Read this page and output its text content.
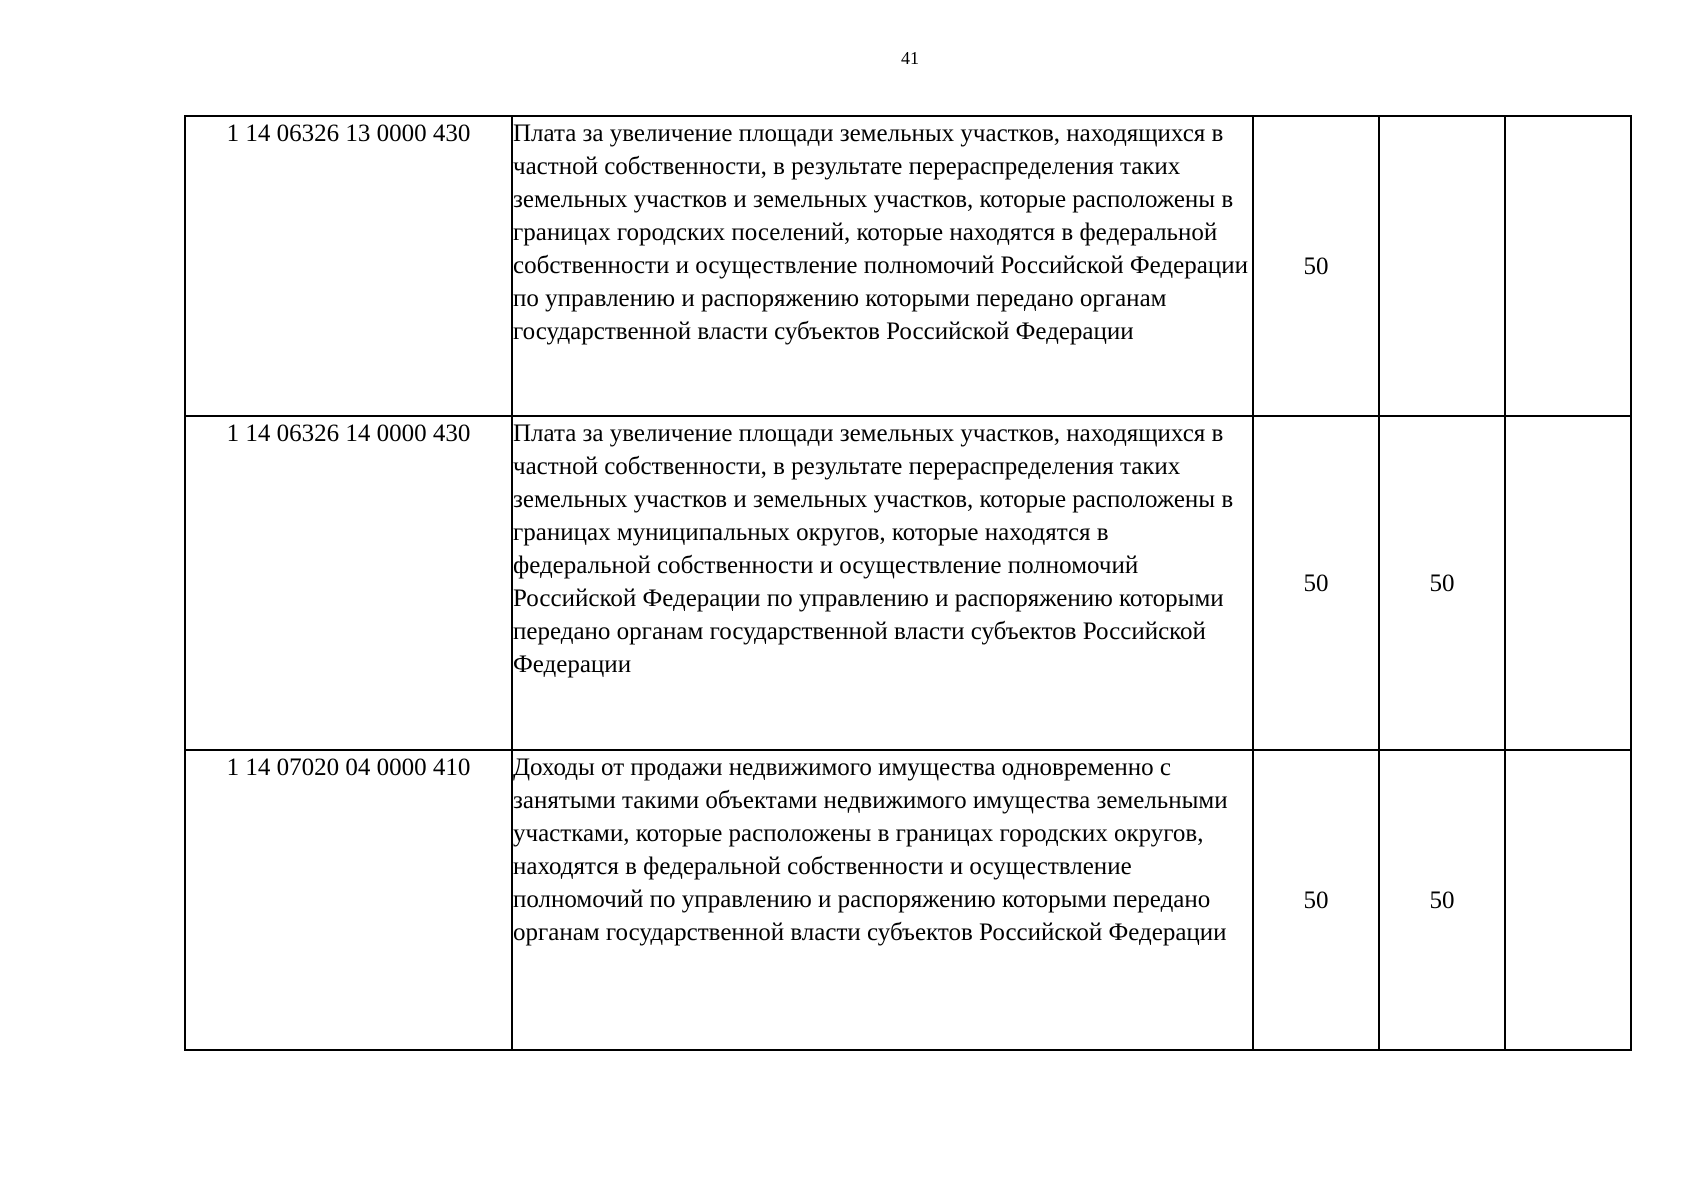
41
1 14 06326 13 0000 430	Плата за увеличение площади земельных участков, находящихся в частной собственности, в результате перераспределения таких земельных участков и земельных участков, которые расположены в границах городских поселений, которые находятся в федеральной собственности и осуществление полномочий Российской Федерации по управлению и распоряжению которыми передано органам государственной власти субъектов Российской Федерации	50		
1 14 06326 14 0000 430	Плата за увеличение площади земельных участков, находящихся в частной собственности, в результате перераспределения таких земельных участков и земельных участков, которые расположены в границах муниципальных округов, которые находятся в федеральной собственности и осуществление полномочий Российской Федерации по управлению и распоряжению которыми передано органам государственной власти субъектов Российской Федерации	50	50	
1 14 07020 04 0000 410	Доходы от продажи недвижимого имущества одновременно с занятыми такими объектами недвижимого имущества земельными участками, которые расположены в границах городских округов, находятся в федеральной собственности и осуществление полномочий по управлению и распоряжению которыми передано органам государственной власти субъектов Российской Федерации	50	50	
